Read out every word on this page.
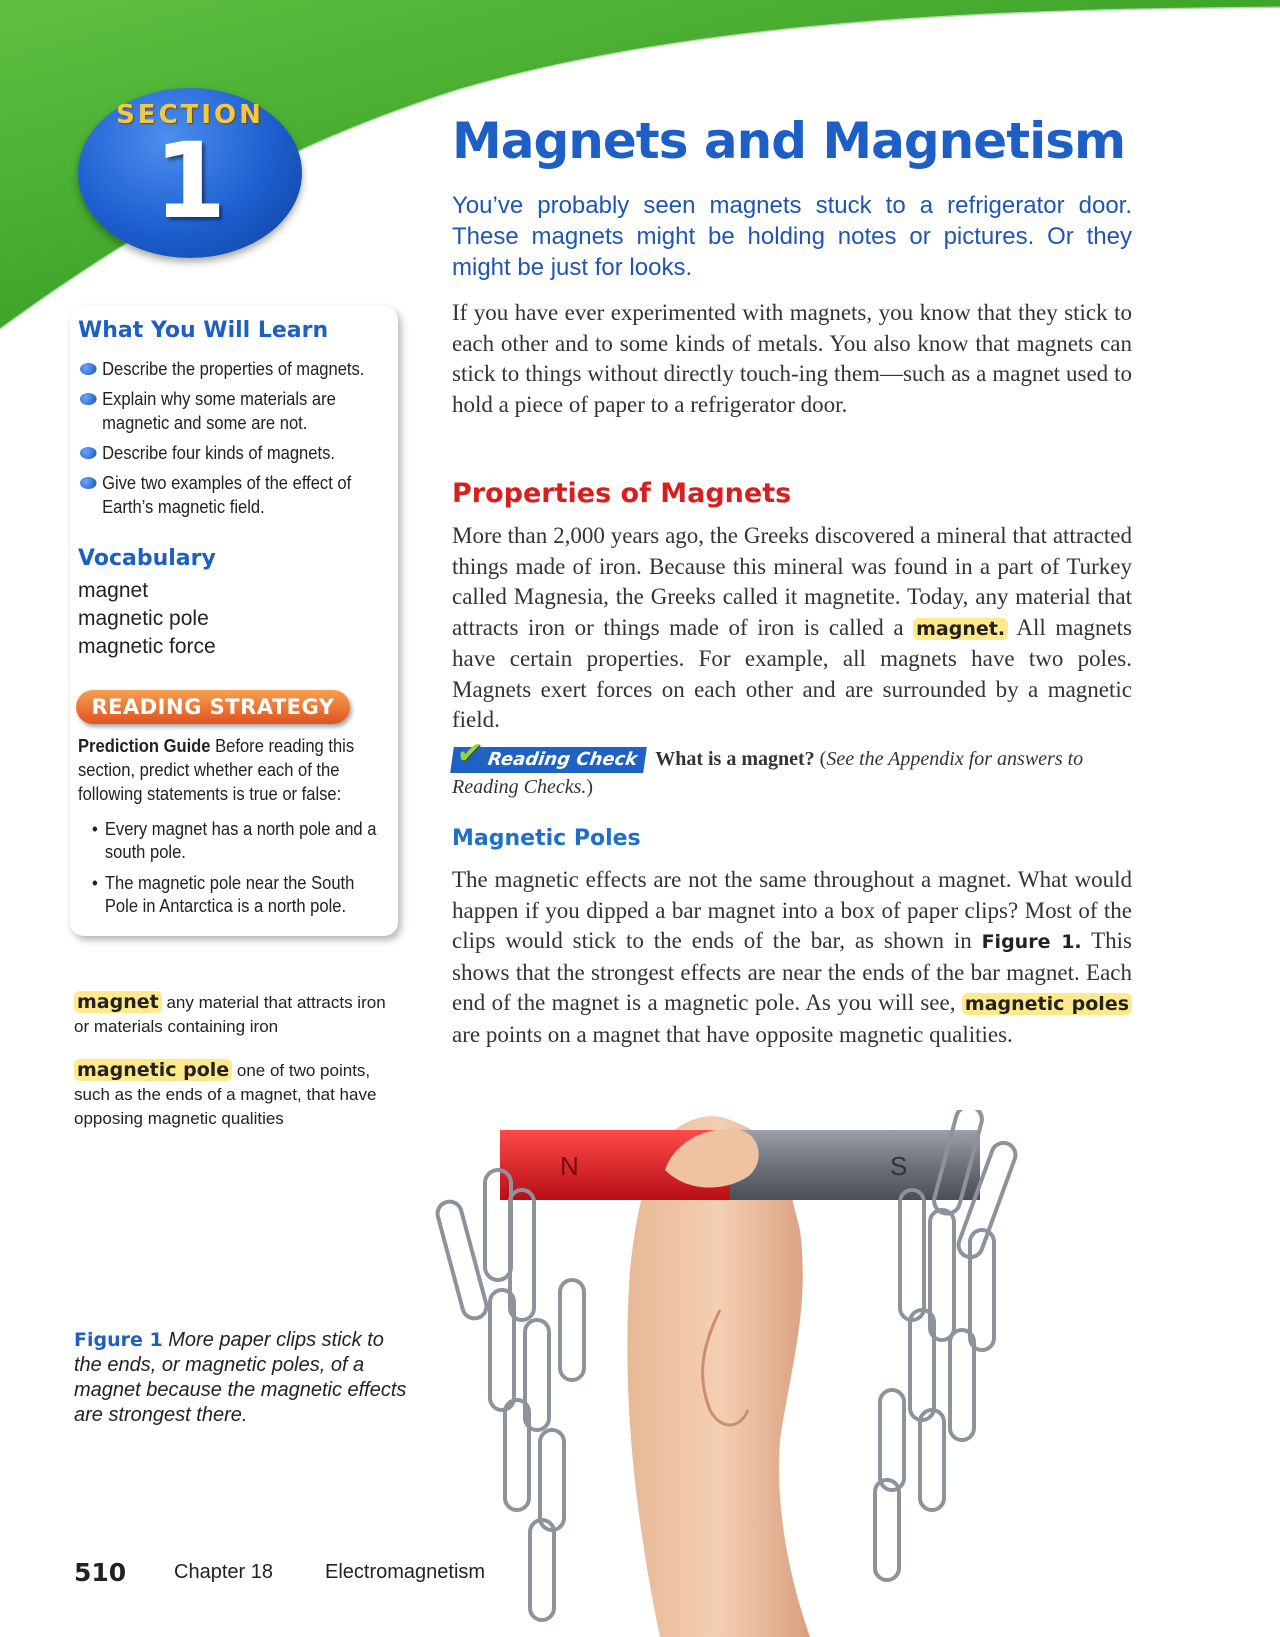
SECTION
1	Magnets and Magnetism
You’ve probably seen magnets stuck to a refrigerator door. These magnets might be holding notes or pictures. Or they might be just for looks.
If you have ever experimented with magnets, you know that they stick to each other and to some kinds of metals. You also know that magnets can stick to things without directly touch-ing them—such as a magnet used to hold a piece of paper to a refrigerator door.
Properties of Magnets
More than 2,000 years ago, the Greeks discovered a mineral that attracted things made of iron. Because this mineral was found in a part of Turkey called Magnesia, the Greeks called it magnetite. Today, any material that attracts iron or things made of iron is called a magnet. All magnets have certain properties. For example, all magnets have two poles. Magnets exert forces on each other and are surrounded by a magnetic field.
✔ Reading Check What is a magnet? (See the Appendix for answers to Reading Checks.)
Magnetic Poles
The magnetic effects are not the same throughout a magnet. What would happen if you dipped a bar magnet into a box of paper clips? Most of the clips would stick to the ends of the bar, as shown in Figure 1. This shows that the strongest effects are near the ends of the bar magnet. Each end of the magnet is a magnetic pole. As you will see, magnetic poles are points on a magnet that have opposite magnetic qualities.
What You Will Learn
Describe the properties of magnets.
Explain why some materials are magnetic and some are not.
Describe four kinds of magnets.
Give two examples of the effect of Earth’s magnetic field.
Vocabulary
magnet
magnetic pole
magnetic force
READING STRATEGY
Prediction Guide Before reading this section, predict whether each of the following statements is true or false:
• Every magnet has a north pole and a south pole.
• The magnetic pole near the South Pole in Antarctica is a north pole.
magnet any material that attracts iron or materials containing iron
magnetic pole one of two points, such as the ends of a magnet, that have opposing magnetic qualities
Figure 1 More paper clips stick to the ends, or magnetic poles, of a magnet because the magnetic effects are strongest there.
N	S
510 Chapter 18	Electromagnetism
